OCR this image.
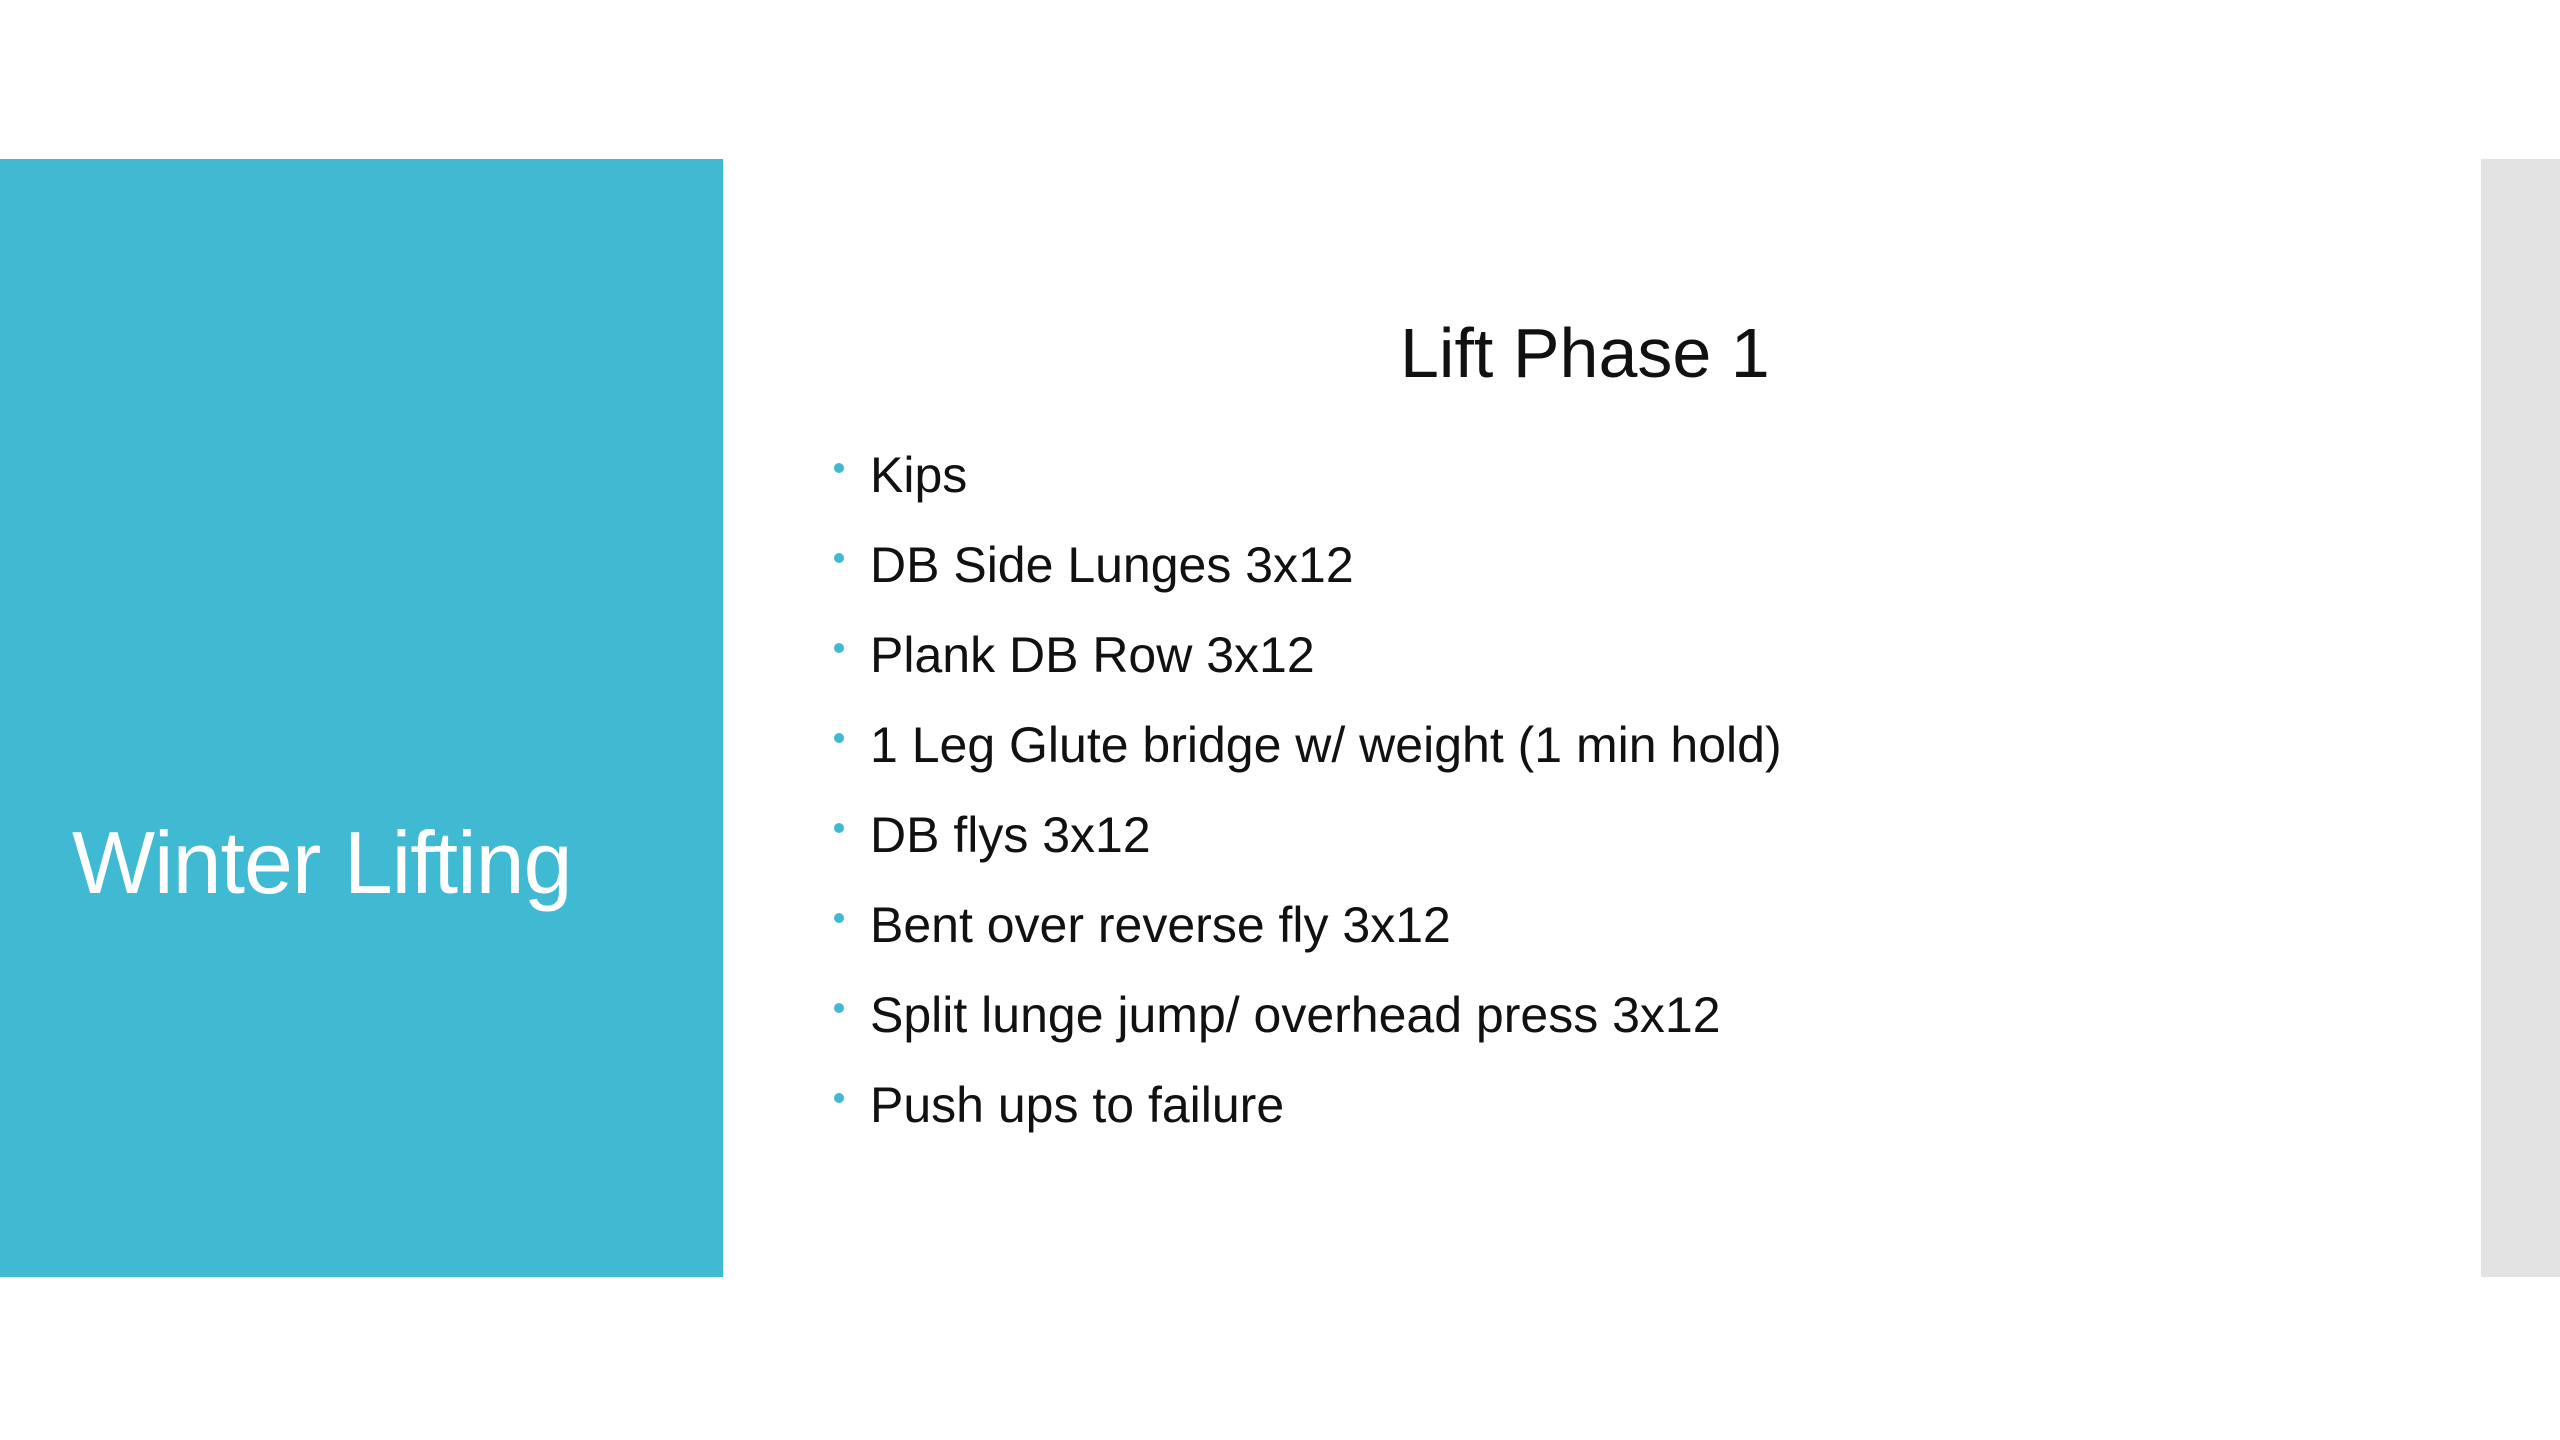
Winter Lifting
Lift Phase 1
Kips
DB Side Lunges 3x12
Plank DB Row 3x12
1 Leg Glute bridge w/ weight (1 min hold)
DB flys 3x12
Bent over reverse fly 3x12
Split lunge jump/ overhead press 3x12
Push ups to failure
